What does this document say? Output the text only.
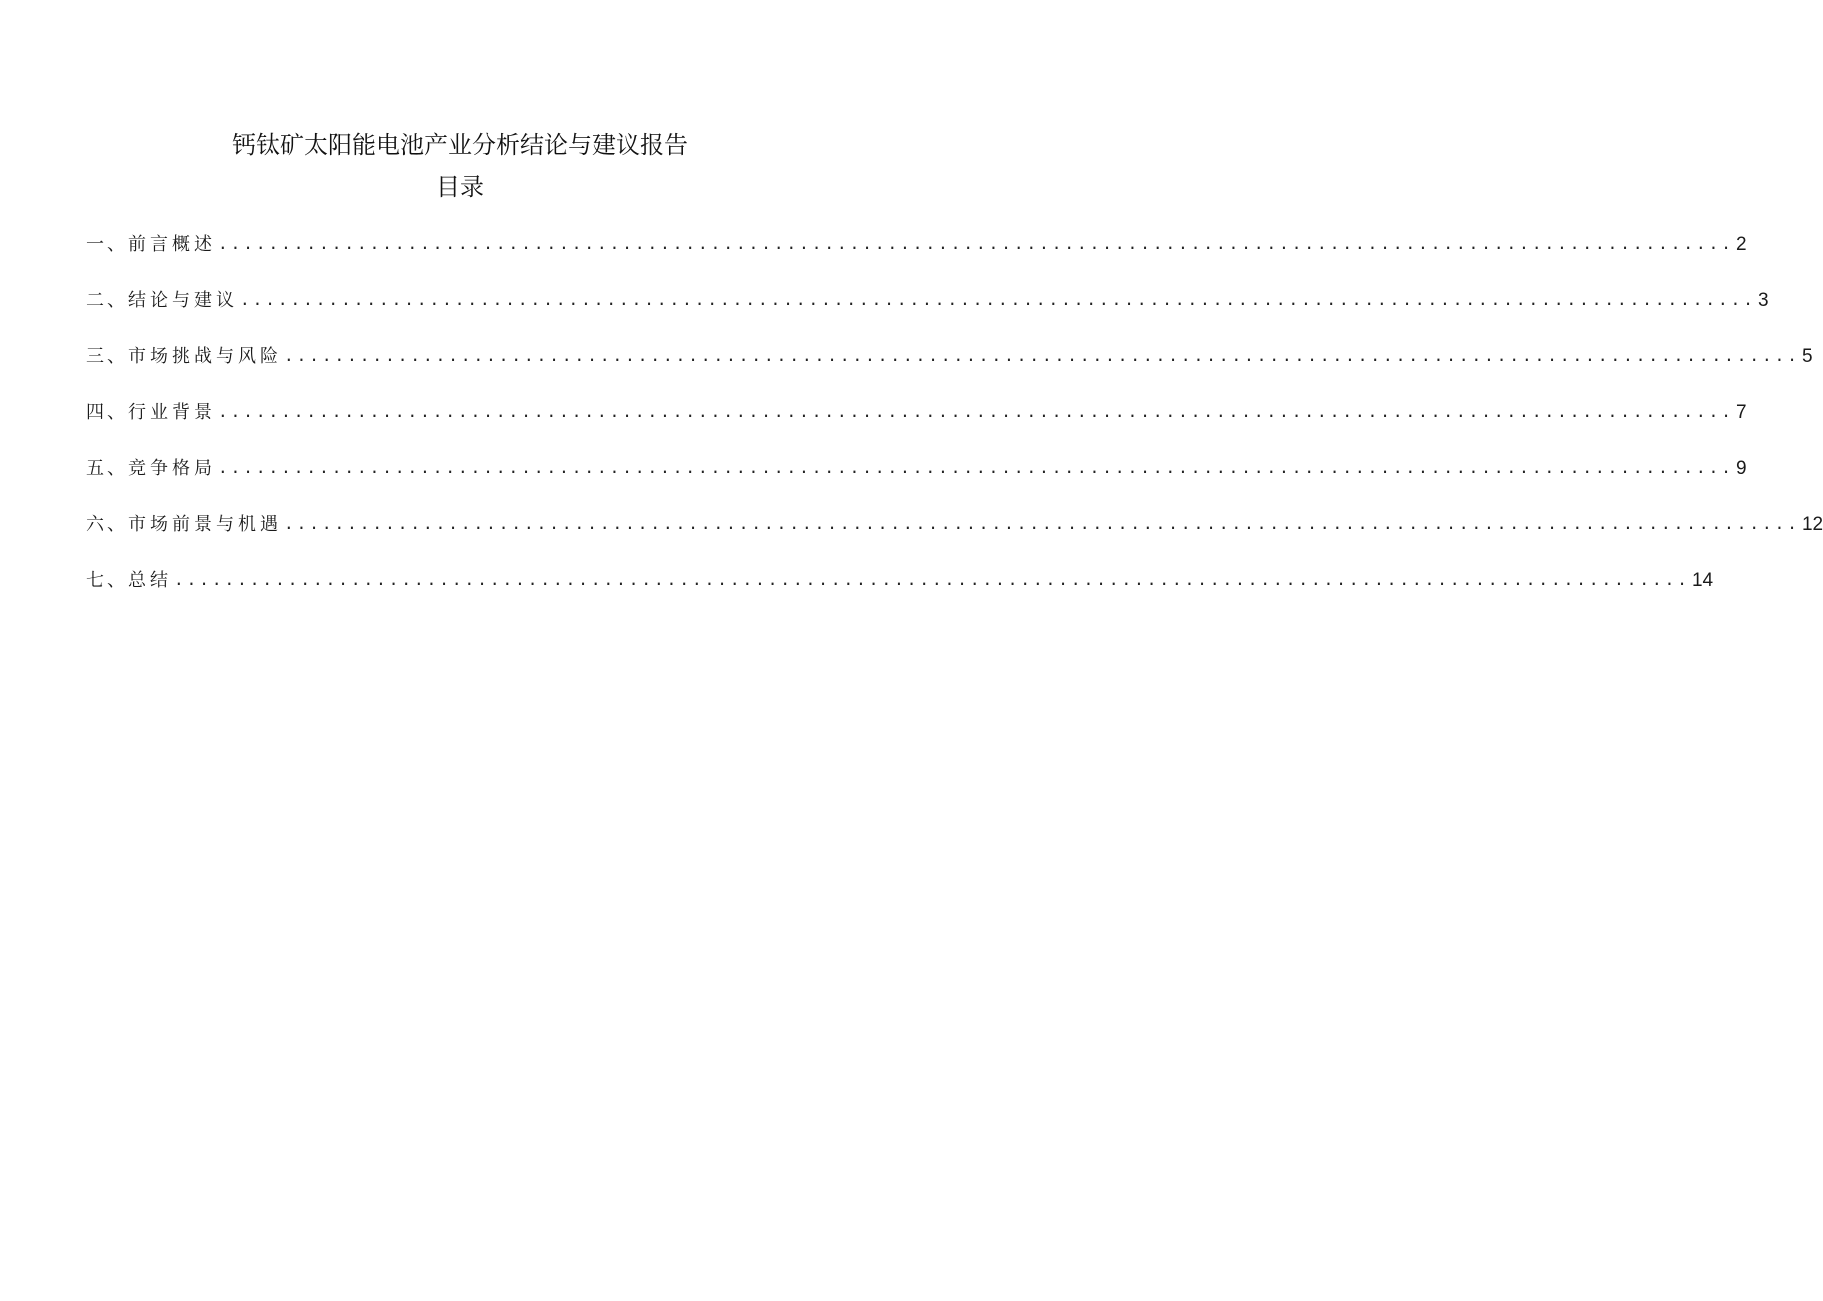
钙钛矿太阳能电池产业分析结论与建议报告
目录
一、 前言概述 ........................................................................................................................ 2
二、 结论与建议 ........................................................................................................................ 3
三、 市场挑战与风险 ........................................................................................................................ 5
四、 行业背景 ........................................................................................................................ 7
五、 竞争格局 ........................................................................................................................ 9
六、 市场前景与机遇 ........................................................................................................................ 12
七、 总结 ........................................................................................................................ 14
